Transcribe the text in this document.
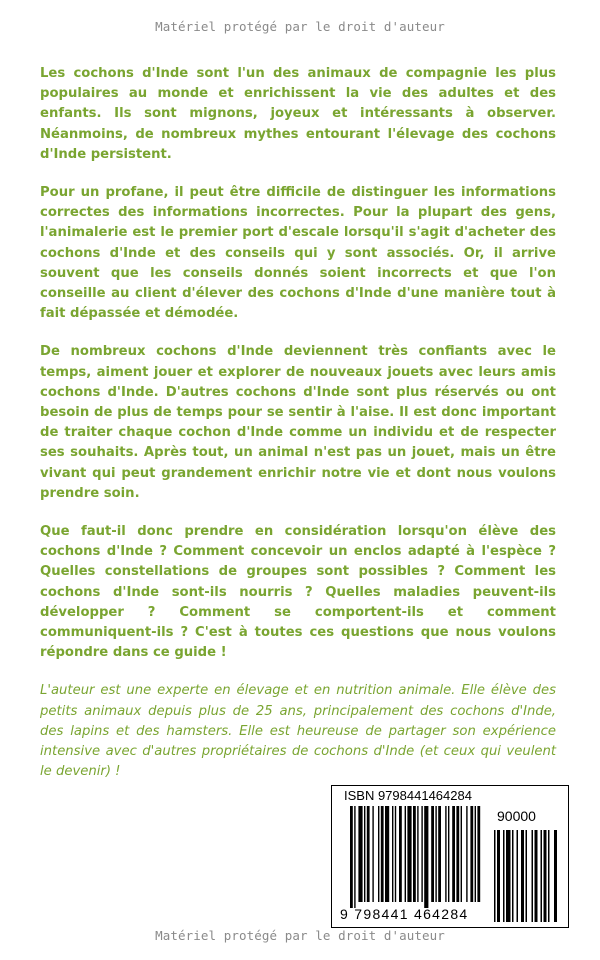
Matériel protégé par le droit d'auteur

Les cochons d'Inde sont l'un des animaux de compagnie les plus populaires au monde et enrichissent la vie des adultes et des enfants. Ils sont mignons, joyeux et intéressants à observer. Néanmoins, de nombreux mythes entourant l'élevage des cochons d'Inde persistent.

Pour un profane, il peut être difficile de distinguer les informations correctes des informations incorrectes. Pour la plupart des gens, l'animalerie est le premier port d'escale lorsqu'il s'agit d'acheter des cochons d'Inde et des conseils qui y sont associés. Or, il arrive souvent que les conseils donnés soient incorrects et que l'on conseille au client d'élever des cochons d'Inde d'une manière tout à fait dépassée et démodée.

De nombreux cochons d'Inde deviennent très confiants avec le temps, aiment jouer et explorer de nouveaux jouets avec leurs amis cochons d'Inde. D'autres cochons d'Inde sont plus réservés ou ont besoin de plus de temps pour se sentir à l'aise. Il est donc important de traiter chaque cochon d'Inde comme un individu et de respecter ses souhaits. Après tout, un animal n'est pas un jouet, mais un être vivant qui peut grandement enrichir notre vie et dont nous voulons prendre soin.

Que faut-il donc prendre en considération lorsqu'on élève des cochons d'Inde ? Comment concevoir un enclos adapté à l'espèce ? Quelles constellations de groupes sont possibles ? Comment les cochons d'Inde sont-ils nourris ? Quelles maladies peuvent-ils développer ? Comment se comportent-ils et comment communiquent-ils ? C'est à toutes ces questions que nous voulons répondre dans ce guide !

L'auteur est une experte en élevage et en nutrition animale. Elle élève des petits animaux depuis plus de 25 ans, principalement des cochons d'Inde, des lapins et des hamsters. Elle est heureuse de partager son expérience intensive avec d'autres propriétaires de cochons d'Inde (et ceux qui veulent le devenir) !

ISBN 9798441464284
90000
9 798441 464284
Matériel protégé par le droit d'auteur
